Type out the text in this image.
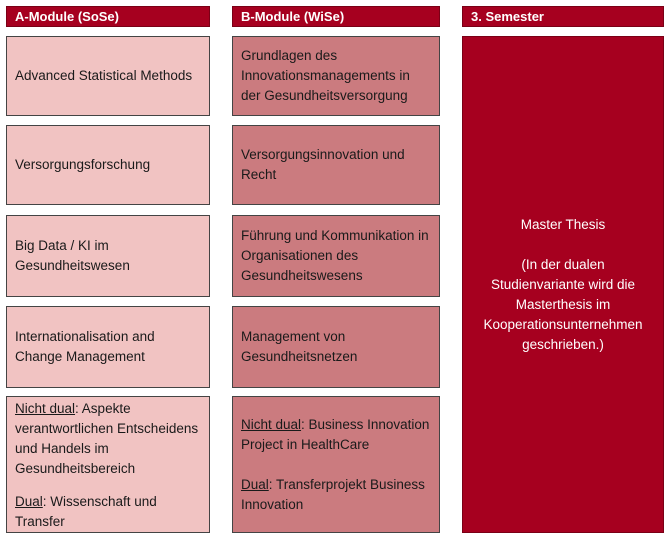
A-Module (SoSe)	B-Module (WiSe)	3. Semester
Advanced Statistical Methods
Versorgungsforschung
Big Data / KI im Gesundheitswesen
Internationalisation and Change Management
Nicht dual: Aspekte verantwortlichen Entscheidens und Handels im Gesundheitsbereich
Dual: Wissenschaft und Transfer
Grundlagen des Innovationsmanagements in der Gesundheitsversorgung
Versorgungsinnovation und Recht
Führung und Kommunikation in Organisationen des Gesundheitswesens
Management von Gesundheitsnetzen
Nicht dual: Business Innovation Project in HealthCare
Dual: Transferprojekt Business Innovation
Master Thesis
(In der dualen Studienvariante wird die Masterthesis im Kooperationsunternehmen geschrieben.)
